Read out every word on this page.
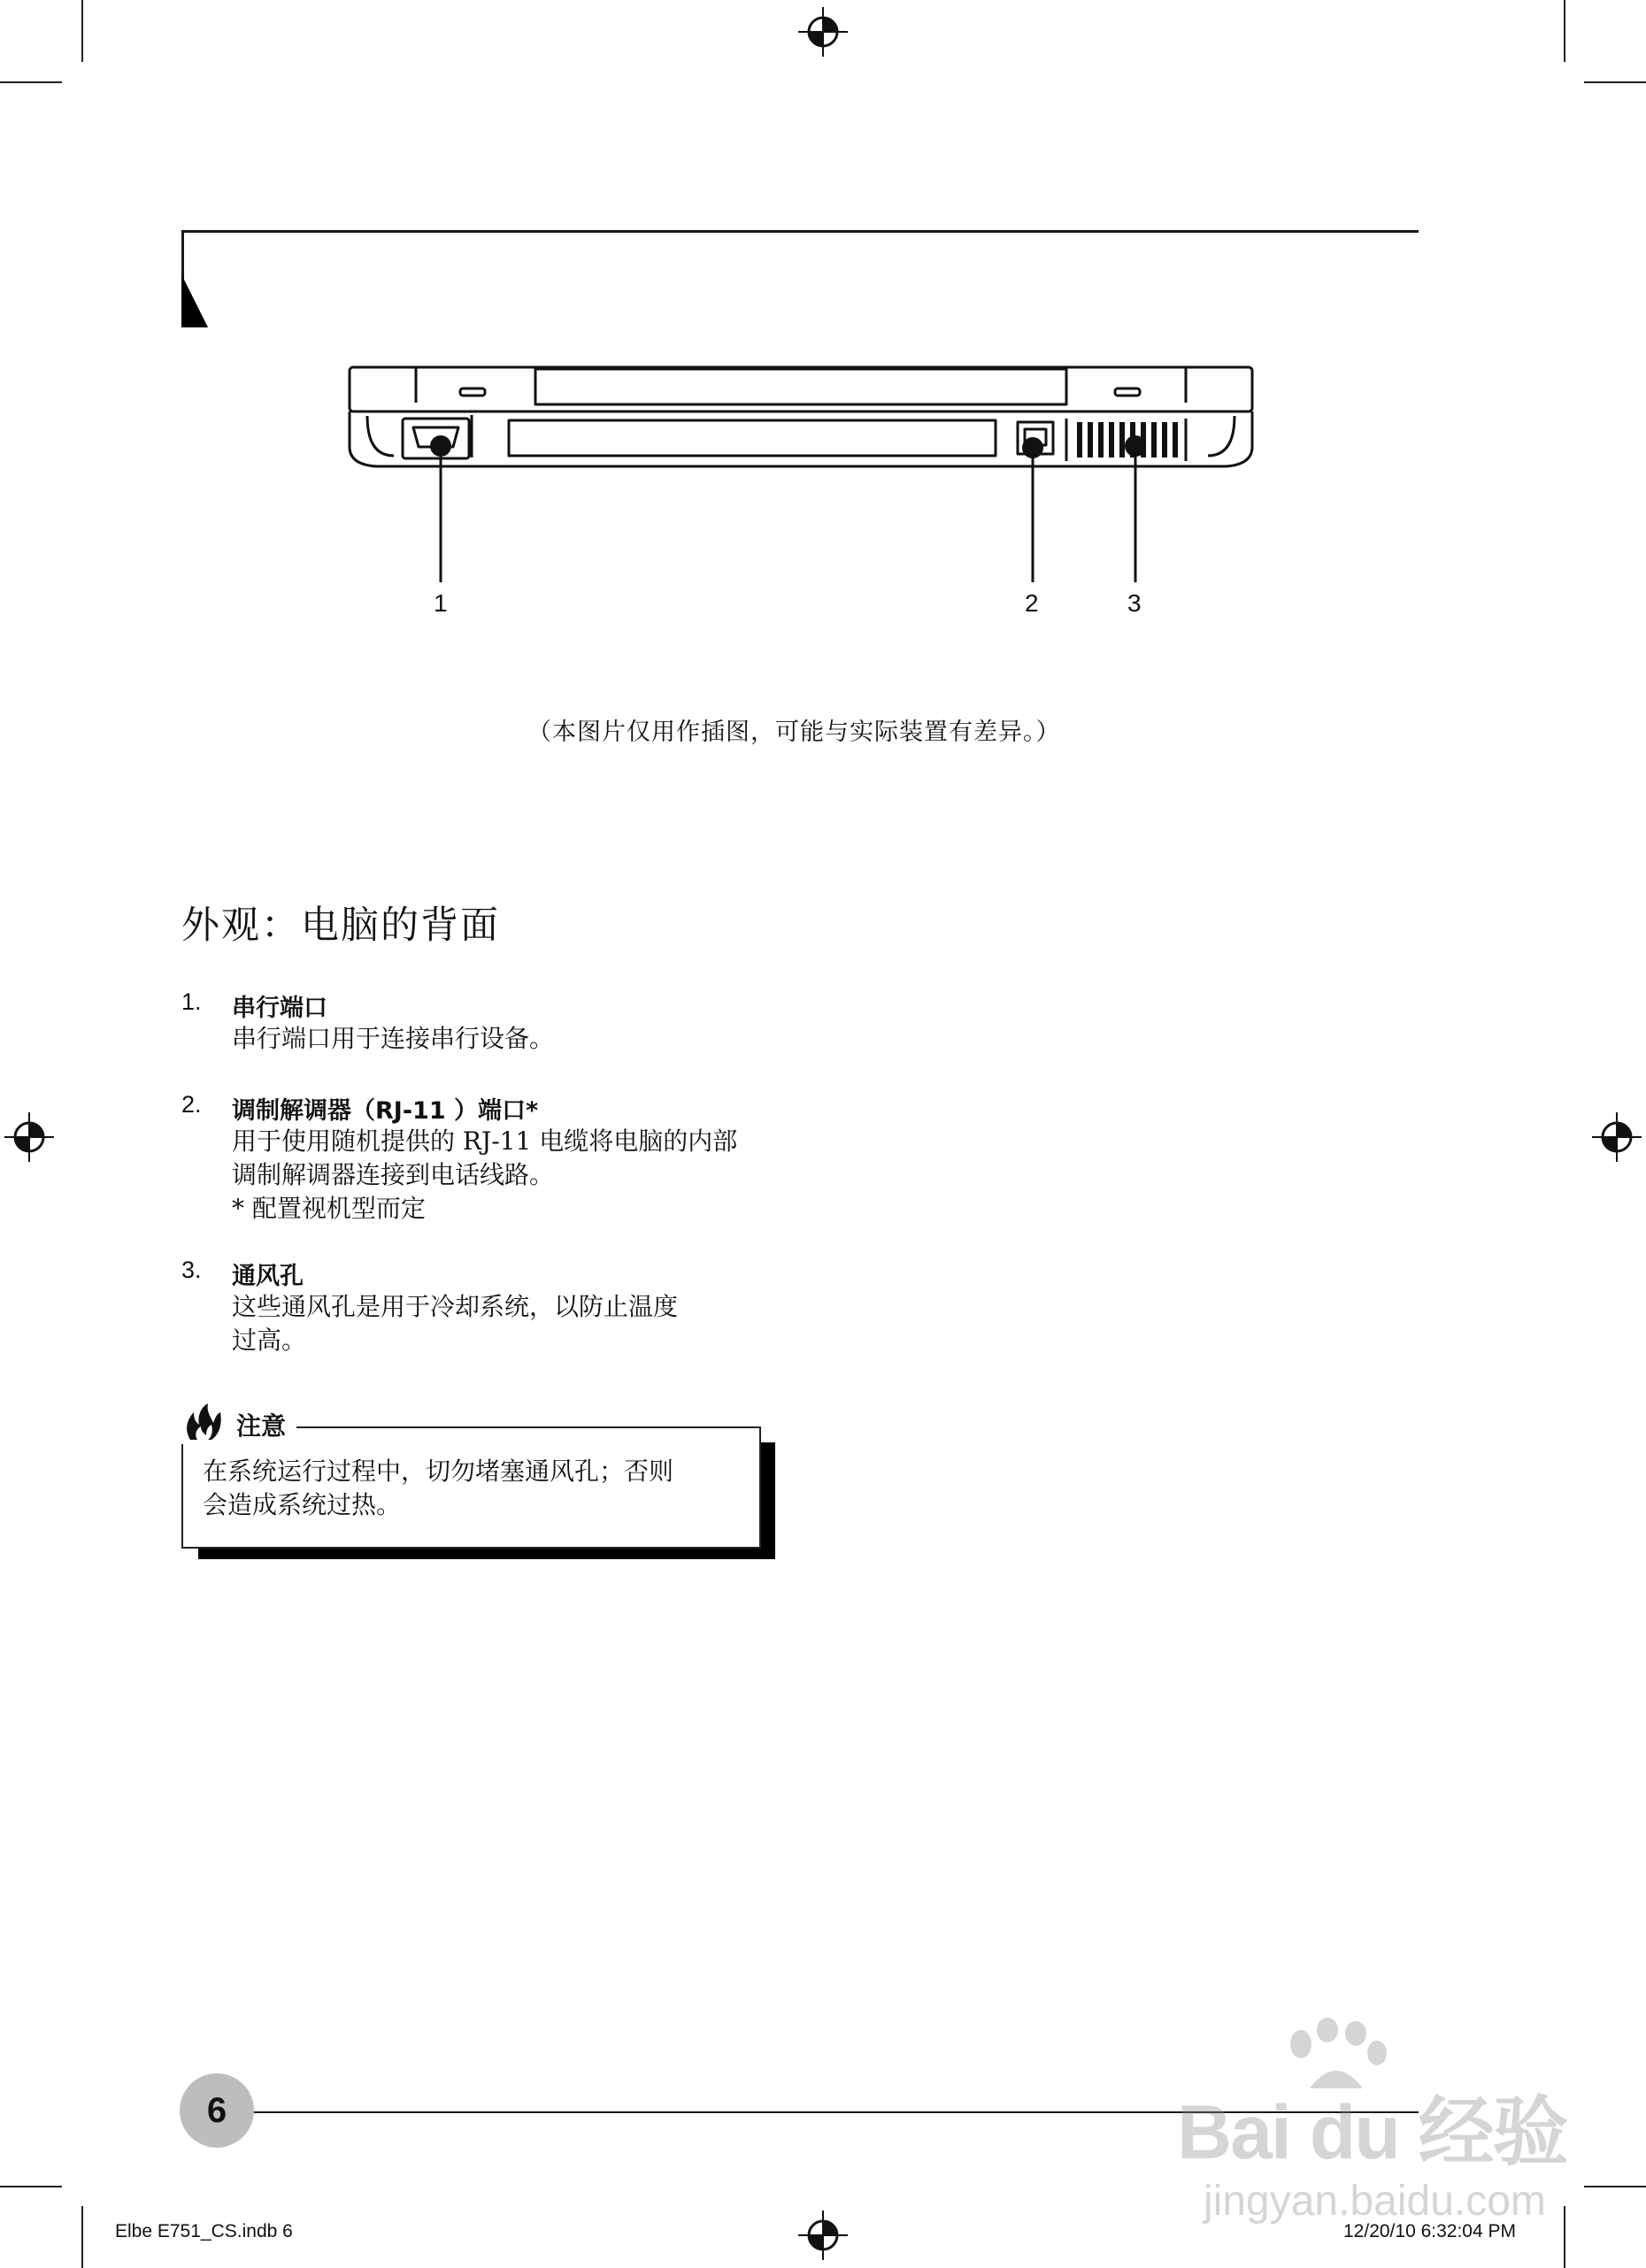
1	2	3
（本图片仅用作插图，可能与实际装置有差异。）
外观：电脑的背面
1. 串行端口
串行端口用于连接串行设备。
2. 调制解调器（RJ-11 ）端口*
用于使用随机提供的 RJ-11 电缆将电脑的内部
调制解调器连接到电话线路。
* 配置视机型而定
3. 通风孔
这些通风孔是用于冷却系统，以防止温度
过高。
在系统运行过程中，切勿堵塞通风孔；否则
会造成系统过热。
注意
6	Bai du 经验
jingyan.baidu.com
Elbe E751_CS.indb 6	12/20/10 6:32:04 PM
